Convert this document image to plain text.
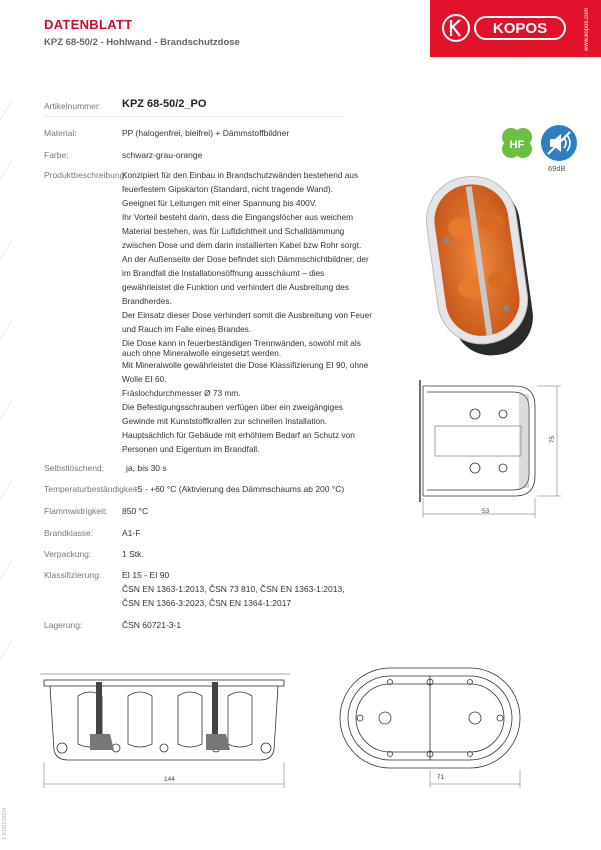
DATENBLATT
KPZ 68-50/2 - Hohlwand - Brandschutzdose
KOPOS	www.kopos.com
Artikelnummer: KPZ 68-50/2_PO
Material:	PP (halogenfrei, bleifrei) + Dämmstoffbildner
Farbe:	schwarz-grau-orange
Produktbeschreibung:
Konzipiert für den Einbau in Brandschutzwänden bestehend aus
feuerfestem Gipskarton (Standard, nicht tragende Wand).
Geeignet für Leitungen mit einer Spannung bis 400V.
Ihr Vorteil besteht darin, dass die Eingangslöcher aus weichem
Material bestehen, was für Luftdichtheit und Schalldämmung
zwischen Dose und dem darin installierten Kabel bzw Rohr sorgt.
An der Außenseite der Dose befindet sich Dämmschichtbildner, der
im Brandfall die Installationsöffnung ausschäumt – dies
gewährleistet die Funktion und verhindert die Ausbreitung des
Brandherdes.
Der Einsatz dieser Dose verhindert somit die Ausbreitung von Feuer
und Rauch im Falle eines Brandes.
Die Dose kann in feuerbeständigen Trennwänden, sowohl mit als
auch ohne Mineralwolle eingesetzt werden.
Mit Mineralwolle gewährleistet die Dose Klassifizierung EI 90, ohne
Wolle EI 60.
Fräslochdurchmesser Ø 73 mm.
Die Befestigungsschrauben verfügen über ein zweigängiges
Gewinde mit Kunststoffkrallen zur schnellen Installation.
Hauptsächlich für Gebäude mit erhöhtem Bedarf an Schutz von
Personen und Eigentum im Brandfall.
Selbstlöschend:	ja, bis 30 s
Temperaturbeständigkeit:
-5 - +60 °C (Aktivierung des Dämmschaums ab 200 °C)
Flammwidrigkeit: 850 °C
Brandklasse:	A1-F
Verpackung:	1 Stk.
Klassifizierung: EI 15 - EI 90
ČSN EN 1363-1:2013, ČSN 73 810, ČSN EN 1363-1:2013,
ČSN EN 1366-3:2023, ČSN EN 1364-1:2017
Lagerung:	ČSN 60721-3-1
HF
69dB
75
53
144	71
1 01/01/2024
